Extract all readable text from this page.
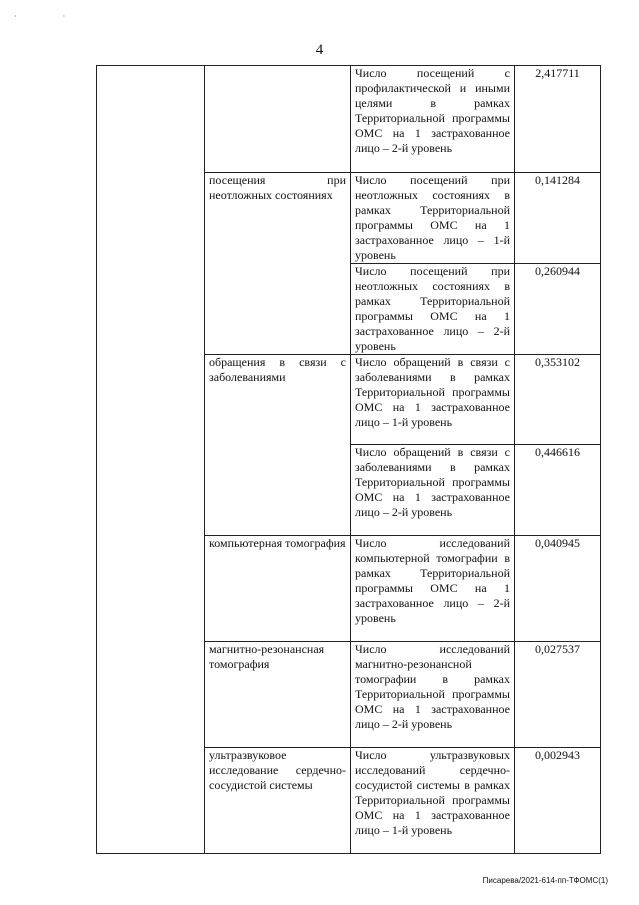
· ·
4
		Число посещений с профилактической и иными целями в рамках Территориальной программы ОМС на 1 застрахованное лицо – 2-й уровень	2,417711
	посещения при неотложных состояниях	Число посещений при неотложных состояниях в рамках Территориальной программы ОМС на 1 застрахованное лицо – 1-й уровень	0,141284
		Число посещений при неотложных состояниях в рамках Территориальной программы ОМС на 1 застрахованное лицо – 2-й уровень	0,260944
	обращения в связи с заболеваниями	Число обращений в связи с заболеваниями в рамках Территориальной программы ОМС на 1 застрахованное лицо – 1-й уровень	0,353102
		Число обращений в связи с заболеваниями в рамках Территориальной программы ОМС на 1 застрахованное лицо – 2-й уровень	0,446616
	компьютерная томография	Число исследований компьютерной томографии в рамках Территориальной программы ОМС на 1 застрахованное лицо – 2-й уровень	0,040945
	магнитно-резонансная томография	Число исследований магнитно-резонансной томографии в рамках Территориальной программы ОМС на 1 застрахованное лицо – 2-й уровень	0,027537
	ультразвуковое исследование сердечно-сосудистой системы	Число ультразвуковых исследований сердечно-сосудистой системы в рамках Территориальной программы ОМС на 1 застрахованное лицо – 1-й уровень	0,002943
Писарева/2021-614-пп-ТФОМС(1)
